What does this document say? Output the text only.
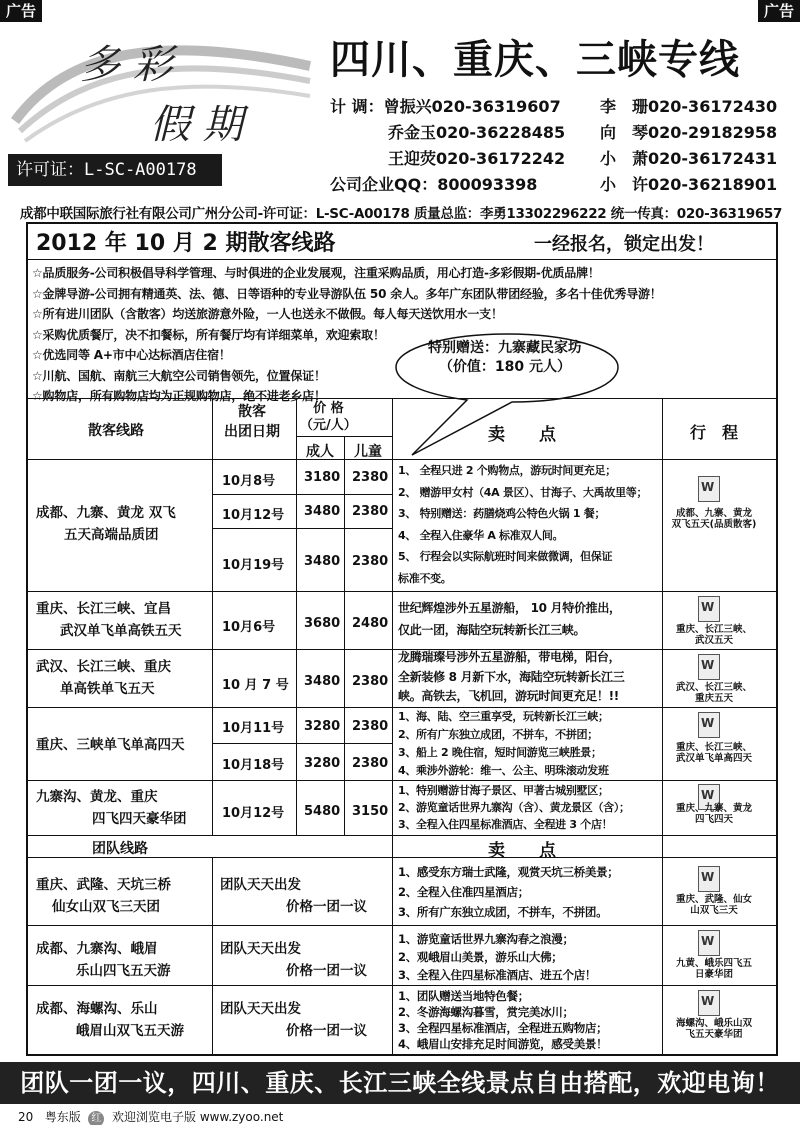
广告	广告
多 彩
假 期
许可证：L-SC-A00178
四川、重庆、三峡专线
计 调：曾振兴020-36319607
乔金玉020-36228485
王迎荧020-36172242
公司企业QQ：800093398
李　珊020-36172430
向　琴020-29182958
小　萧020-36172431
小　许020-36218901
成都中联国际旅行社有限公司广州分公司-许可证：L-SC-A00178 质量总监：李勇13302296222 统一传真：020-36319657
2012 年 10 月 2 期散客线路	一经报名，锁定出发！
☆品质服务-公司积极倡导科学管理、与时俱进的企业发展观，注重采购品质，用心打造-多彩假期-优质品牌！
☆金牌导游-公司拥有精通英、法、德、日等语种的专业导游队伍 50 余人。多年广东团队带团经验，多名十佳优秀导游！
☆所有进川团队（含散客）均送旅游意外险，一人也送永不做假。每人每天送饮用水一支！
☆采购优质餐厅，决不扣餐标，所有餐厅均有详细菜单，欢迎索取！
☆优选同等 A+市中心达标酒店住宿！
☆川航、国航、南航三大航空公司销售领先，位置保证！
☆购物店，所有购物店均为正规购物店，绝不进老乡店！
特别赠送：九寨藏民家坊
（价值：180 元人）
散客线路
散客
出团日期
价 格
（元/人）
成人 儿童
卖　　点	行　程
成都、九寨、黄龙 双飞
五天高端品质团
10月8号 3180 2380
10月12号 3480 2380
10月19号 3480 2380
1、 全程只进 2 个购物点，游玩时间更充足；
2、 赠游甲女村（4A 景区）、甘海子、大禹故里等；
3、 特别赠送：药膳烧鸡公特色火锅 1 餐；
4、 全程入住豪华 A 标准双人间。
5、 行程会以实际航班时间来做微调，但保证
标准不变。
W
成都、九寨、黄龙
双飞五天(品质散客)
重庆、长江三峡、宜昌
武汉单飞单高铁五天	10月6号 3680 2480
世纪辉煌涉外五星游船， 10 月特价推出，
仅此一团，海陆空玩转新长江三峡。
W	重庆、长江三峡、
武汉五天
武汉、长江三峡、重庆
单高铁单飞五天	10 月 7 号 3480 2380
龙腾瑞璨号涉外五星游船，带电梯，阳台，
全新装修 8 月新下水，海陆空玩转新长江三
峡。高铁去，飞机回，游玩时间更充足！!!
W
武汉、长江三峡、
重庆五天
重庆、三峡单飞单高四天
10月11号 3280 2380
10月18号 3280 2380
1、海、陆、空三重享受，玩转新长江三峡；
2、所有广东独立成团，不拼车，不拼团；
3、船上 2 晚住宿，短时间游览三峡胜景；
4、乘涉外游轮：维一、公主、明珠滚动发班
W
重庆、长江三峡、
武汉单飞单高四天
九寨沟、黄龙、重庆
四飞四天豪华团	10月12号 5480 3150
1、特别赠游甘海子景区、甲著古城别墅区；
2、游览童话世界九寨沟（含）、黄龙景区（含）；
3、全程入住四星标准酒店、全程进 3 个店！
W
重庆、九寨、黄龙
四飞四天
团队线路	卖　　点
重庆、武隆、天坑三桥
仙女山双飞三天团
团队天天出发
价格一团一议
1、感受东方瑞士武隆，观赏天坑三桥美景；
2、全程入住准四星酒店；
3、所有广东独立成团，不拼车，不拼团。
W
重庆、武隆、仙女
山双飞三天
成都、九寨沟、峨眉
乐山四飞五天游
团队天天出发
价格一团一议
1、游览童话世界九寨沟春之浪漫；
2、观峨眉山美景，游乐山大佛；
3、全程入住四星标准酒店、进五个店！
W
九黄、峨乐四飞五
日豪华团
成都、海螺沟、乐山
峨眉山双飞五天游
团队天天出发
价格一团一议
1、团队赠送当地特色餐；
2、冬游海螺沟暮雪，赏完美冰川；
3、全程四星标准酒店，全程进五购物店；
4、峨眉山安排充足时间游览，感受美景！
W
海螺沟、峨乐山双
飞五天豪华团
团队一团一议，四川、重庆、长江三峡全线景点自由搭配，欢迎电询！
20 粤东版 红 欢迎浏览电子版 www.zyoo.net
